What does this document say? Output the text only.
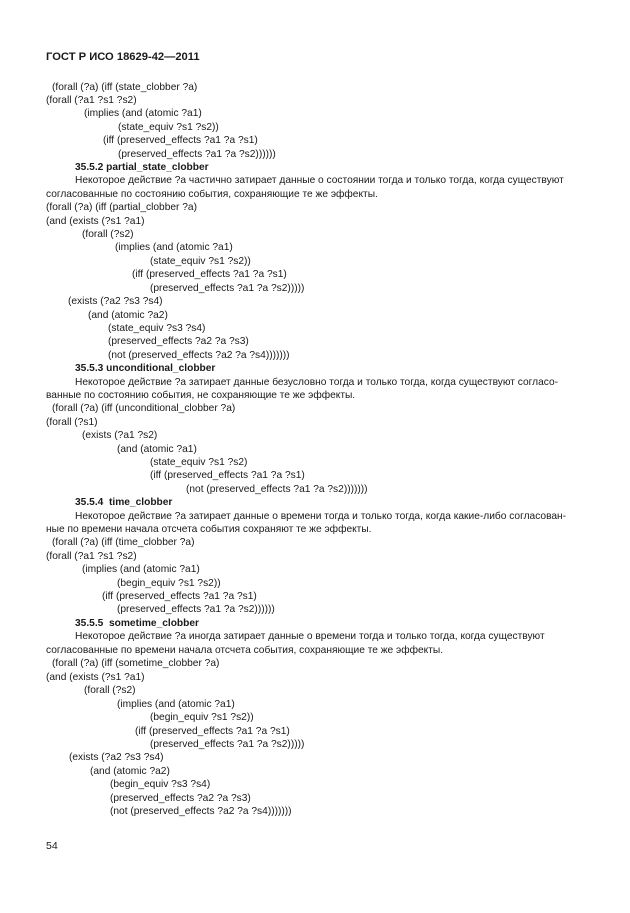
ГОСТ Р ИСО 18629-42—2011
(forall (?a) (iff (state_clobber ?a)
(forall (?a1 ?s1 ?s2)
(implies (and (atomic ?a1)
(state_equiv ?s1 ?s2))
(iff (preserved_effects ?a1 ?a ?s1)
(preserved_effects ?a1 ?a ?s2))))))
35.5.2 partial_state_clobber
Некоторое действие ?a частично затирает данные о состоянии тогда и только тогда, когда существуют
согласованные по состоянию события, сохраняющие те же эффекты.
(forall (?a) (iff (partial_clobber ?a)
(and (exists (?s1 ?a1)
(forall (?s2)
(implies (and (atomic ?a1)
(state_equiv ?s1 ?s2))
(iff (preserved_effects ?a1 ?a ?s1)
(preserved_effects ?a1 ?a ?s2)))))
(exists (?a2 ?s3 ?s4)
(and (atomic ?a2)
(state_equiv ?s3 ?s4)
(preserved_effects ?a2 ?a ?s3)
(not (preserved_effects ?a2 ?a ?s4)))))))
35.5.3 unconditional_clobber
Некоторое действие ?a затирает данные безусловно тогда и только тогда, когда существуют согласо-
ванные по состоянию события, не сохраняющие те же эффекты.
(forall (?a) (iff (unconditional_clobber ?a)
(forall (?s1)
(exists (?a1 ?s2)
(and (atomic ?a1)
(state_equiv ?s1 ?s2)
(iff (preserved_effects ?a1 ?a ?s1)
(not (preserved_effects ?a1 ?a ?s2)))))))
35.5.4  time_clobber
Некоторое действие ?a затирает данные о времени тогда и только тогда, когда какие-либо согласован-
ные по времени начала отсчета события сохраняют те же эффекты.
(forall (?a) (iff (time_clobber ?a)
(forall (?a1 ?s1 ?s2)
(implies (and (atomic ?a1)
(begin_equiv ?s1 ?s2))
(iff (preserved_effects ?a1 ?a ?s1)
(preserved_effects ?a1 ?a ?s2))))))
35.5.5  sometime_clobber
Некоторое действие ?a иногда затирает данные о времени тогда и только тогда, когда существуют
согласованные по времени начала отсчета события, сохраняющие те же эффекты.
(forall (?a) (iff (sometime_clobber ?a)
(and (exists (?s1 ?a1)
(forall (?s2)
(implies (and (atomic ?a1)
(begin_equiv ?s1 ?s2))
(iff (preserved_effects ?a1 ?a ?s1)
(preserved_effects ?a1 ?a ?s2)))))
(exists (?a2 ?s3 ?s4)
(and (atomic ?a2)
(begin_equiv ?s3 ?s4)
(preserved_effects ?a2 ?a ?s3)
(not (preserved_effects ?a2 ?a ?s4)))))))
54
